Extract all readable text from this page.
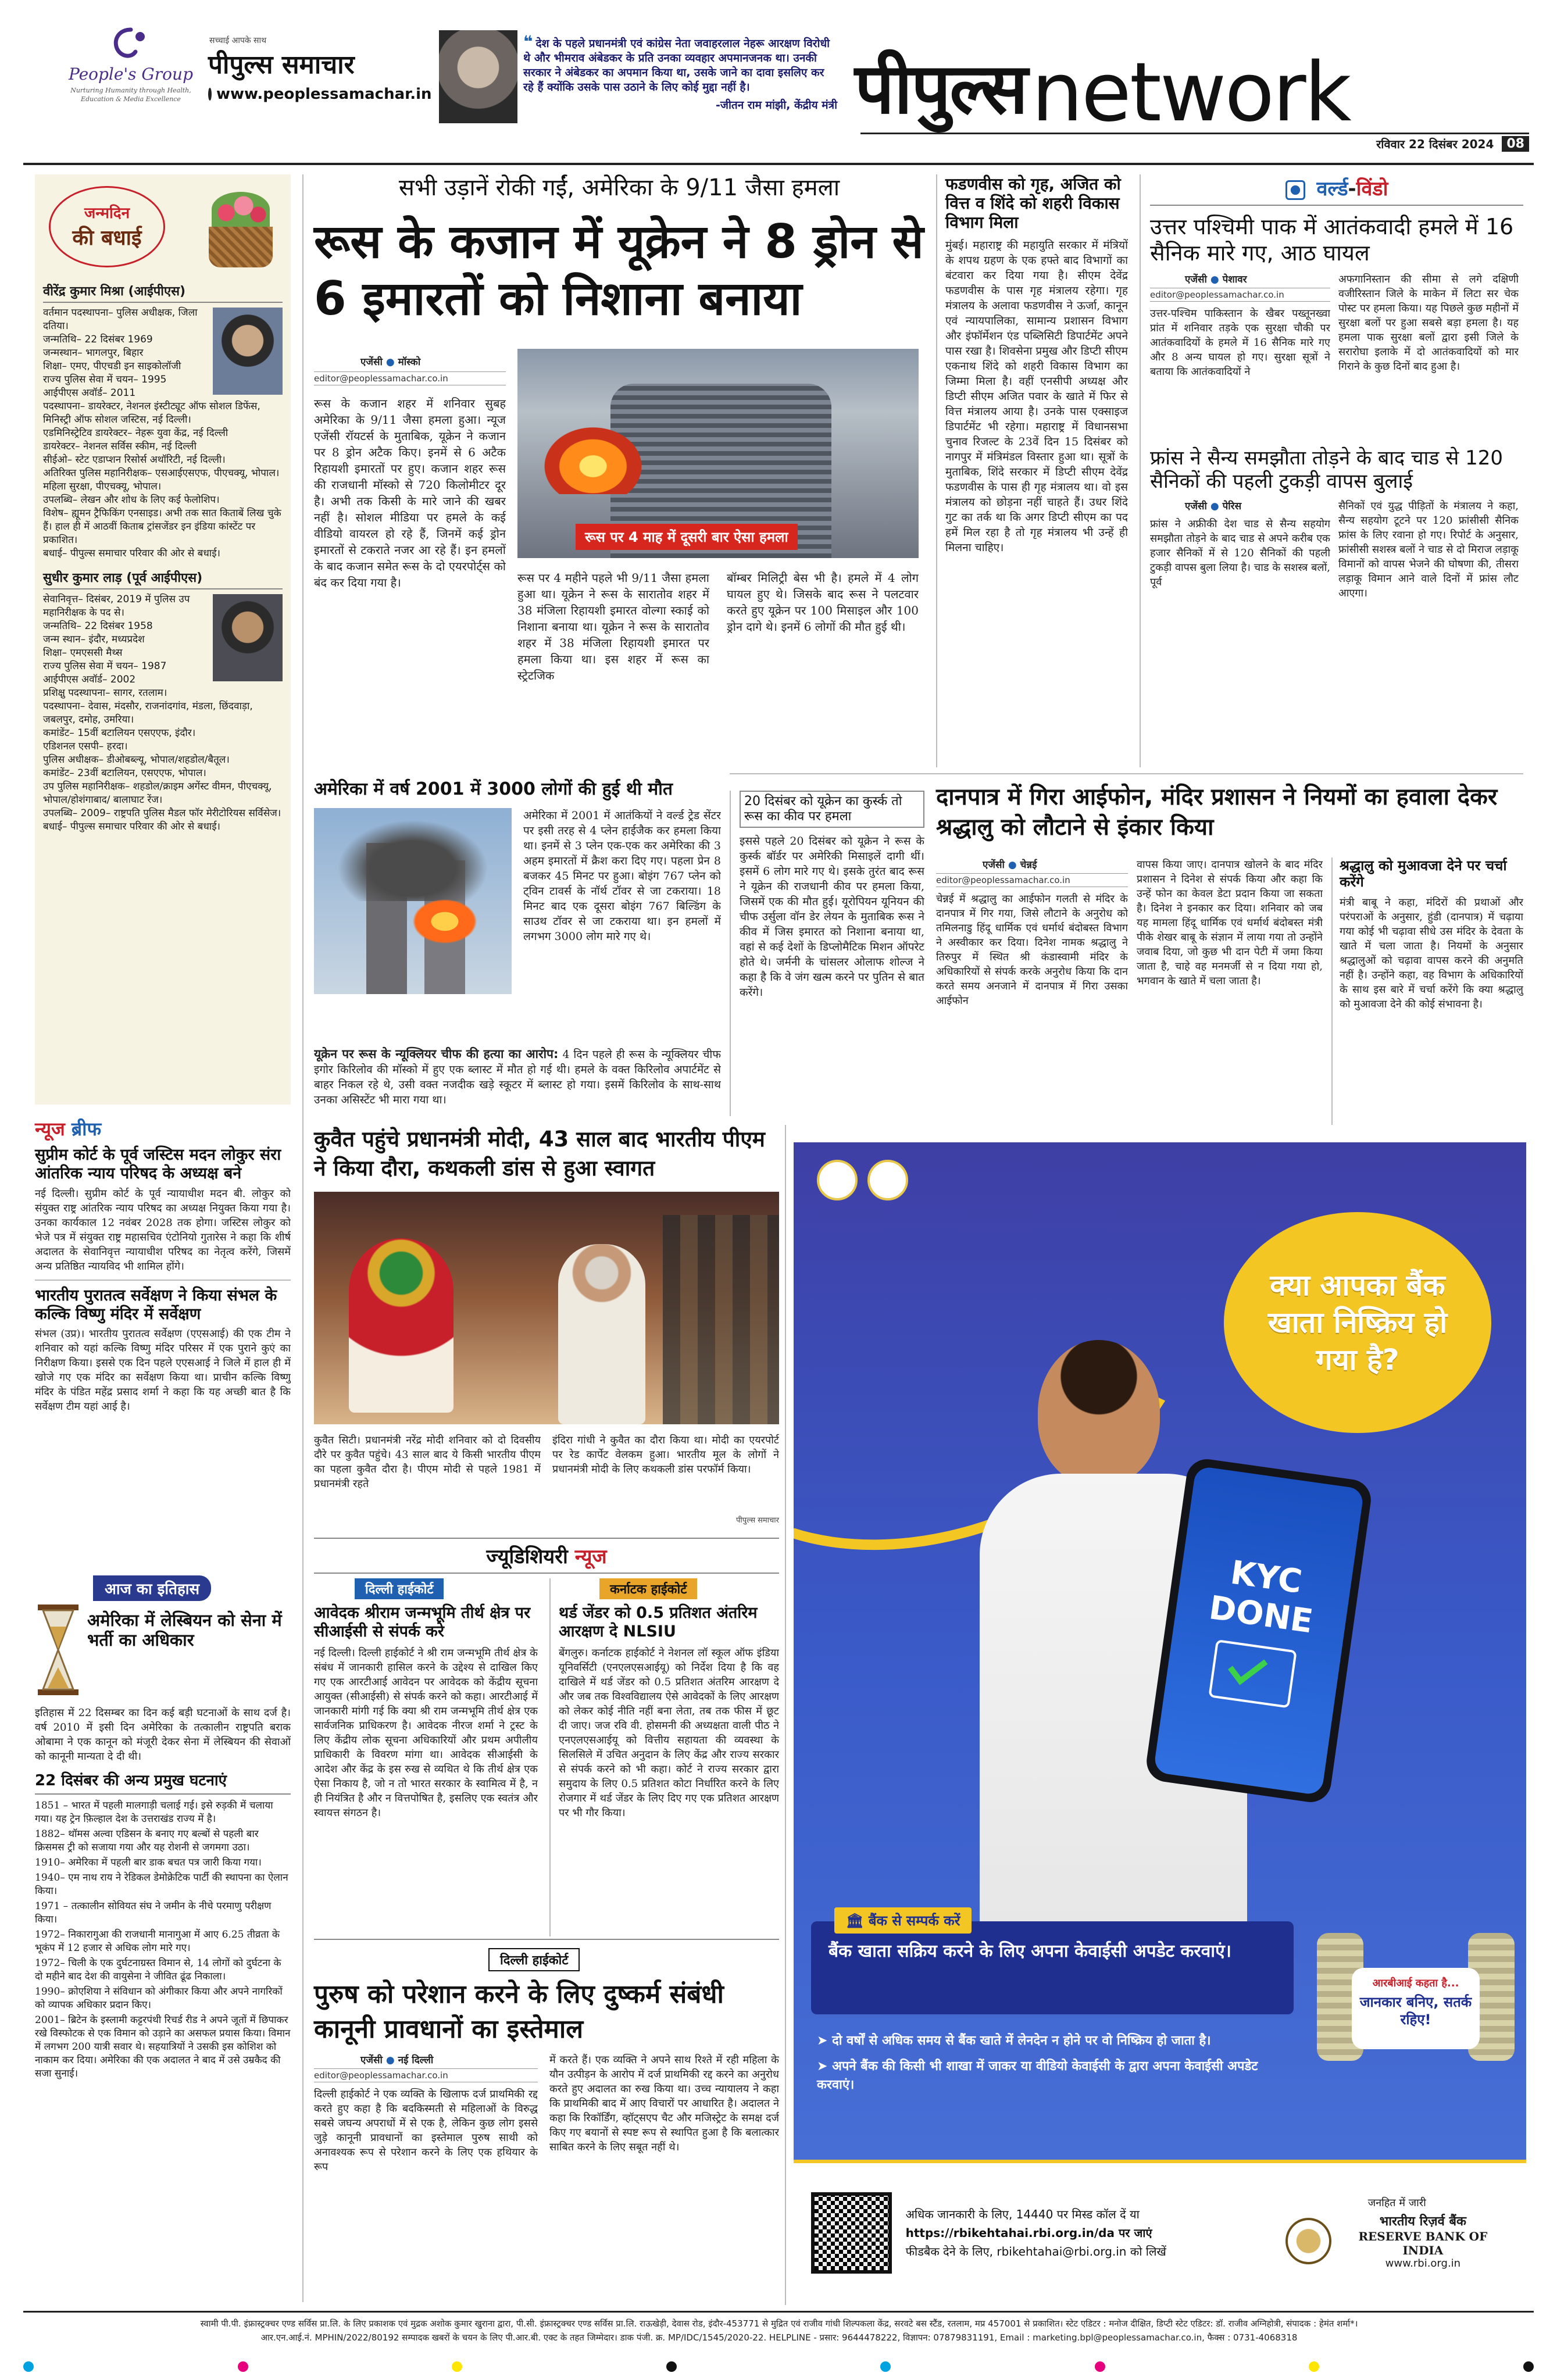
People's Group
Nurturing Humanity through Health, Education & Media Excellence
सच्चाई आपके साथ
पीपुल्स समाचार
www.peoplessamachar.in
❝ देश के पहले प्रधानमंत्री एवं कांग्रेस नेता जवाहरलाल नेहरू आरक्षण विरोधी थे और भीमराव अंबेडकर के प्रति उनका व्यवहार अपमानजनक था। उनकी सरकार ने अंबेडकर का अपमान किया था, उसके जाने का दावा इसलिए कर रहे हैं क्योंकि उसके पास उठाने के लिए कोई मुद्दा नहीं है।
-जीतन राम मांझी, केंद्रीय मंत्री पीपुल्स network
रविवार 22 दिसंबर 2024	08
जन्मदिन
की बधाई
वीरेंद्र कुमार मिश्रा (आईपीएस)
वर्तमान पदस्थापना– पुलिस अधीक्षक, जिला दतिया।
जन्मतिथि– 22 दिसंबर 1969
जन्मस्थान– भागलपुर, बिहार
शिक्षा– एमए, पीएचडी इन साइकोलॉजी
राज्य पुलिस सेवा में चयन– 1995
आईपीएस अवॉर्ड– 2011
पदस्थापना– डायरेक्टर, नेशनल इंस्टीट्यूट ऑफ सोशल डिफेंस, मिनिस्ट्री ऑफ सोशल जस्टिस, नई दिल्ली।
एडमिनिस्ट्रेटिव डायरेक्टर– नेहरू युवा केंद्र, नई दिल्ली
डायरेक्टर– नेशनल सर्विस स्कीम, नई दिल्ली
सीईओ– स्टेट एडाप्शन रिसोर्स अथॉरिटी, नई दिल्ली।
अतिरिक्त पुलिस महानिरीक्षक– एसआईएसएफ, पीएचक्यू, भोपाल। महिला सुरक्षा, पीएचक्यू, भोपाल।
उपलब्धि– लेखन और शोध के लिए कई फेलोशिप।
विशेष– ह्यूमन ट्रैफिकिंग एनसाइड। अभी तक सात किताबें लिख चुके हैं। हाल ही में आठवीं किताब ट्रांसजेंडर इन इंडिया कांस्टेंट पर प्रकाशित।
बधाई– पीपुल्स समाचार परिवार की ओर से बधाई।
सुधीर कुमार लाड़ (पूर्व आईपीएस)
सेवानिवृत्त– दिसंबर, 2019 में पुलिस उप महानिरीक्षक के पद से।
जन्मतिथि– 22 दिसंबर 1958
जन्म स्थान– इंदौर, मध्यप्रदेश
शिक्षा– एमएससी मैथ्स
राज्य पुलिस सेवा में चयन– 1987
आईपीएस अवॉर्ड– 2002
प्रशिक्षु पदस्थापना– सागर, रतलाम।
पदस्थापना– देवास, मंदसौर, राजनांदगांव, मंडला, छिंदवाड़ा, जबलपुर, दमोह, उमरिया।
कमांडेंट– 15वीं बटालियन एसएएफ, इंदौर।
एडिशनल एसपी– हरदा।
पुलिस अधीक्षक– डीओबब्ल्यू, भोपाल/शहडोल/बैतूल।
कमांडेंट– 23वीं बटालियन, एसएएफ, भोपाल।
उप पुलिस महानिरीक्षक– शहडोल/क्राइम अगेंस्ट वीमन, पीएचक्यू, भोपाल/होशंगाबाद/ बालाघाट रेंज।
उपलब्धि– 2009– राष्ट्रपति पुलिस मैडल फॉर मेरीटोरियस सर्विसेज।
बधाई– पीपुल्स समाचार परिवार की ओर से बधाई।
न्यूज ब्रीफ
सुप्रीम कोर्ट के पूर्व जस्टिस मदन लोकुर संरा आंतरिक न्याय परिषद के अध्यक्ष बने
नई दिल्ली। सुप्रीम कोर्ट के पूर्व न्यायाधीश मदन बी. लोकुर को संयुक्त राष्ट्र आंतरिक न्याय परिषद का अध्यक्ष नियुक्त किया गया है। उनका कार्यकाल 12 नवंबर 2028 तक होगा। जस्टिस लोकुर को भेजे पत्र में संयुक्त राष्ट्र महासचिव एंटोनियो गुतारेस ने कहा कि शीर्ष अदालत के सेवानिवृत्त न्यायाधीश परिषद का नेतृत्व करेंगे, जिसमें अन्य प्रतिष्ठित न्यायविद भी शामिल होंगे।
भारतीय पुरातत्व सर्वेक्षण ने किया संभल के कल्कि विष्णु मंदिर में सर्वेक्षण
संभल (उप्र)। भारतीय पुरातत्व सर्वेक्षण (एएसआई) की एक टीम ने शनिवार को यहां कल्कि विष्णु मंदिर परिसर में एक पुराने कुएं का निरीक्षण किया। इससे एक दिन पहले एएसआई ने जिले में हाल ही में खोजे गए एक मंदिर का सर्वेक्षण किया था। प्राचीन कल्कि विष्णु मंदिर के पंडित महेंद्र प्रसाद शर्मा ने कहा कि यह अच्छी बात है कि सर्वेक्षण टीम यहां आई है।
आज का इतिहास
अमेरिका में लेस्बियन को सेना में भर्ती का अधिकार
इतिहास में 22 दिसम्बर का दिन कई बड़ी घटनाओं के साथ दर्ज है। वर्ष 2010 में इसी दिन अमेरिका के तत्कालीन राष्ट्रपति बराक ओबामा ने एक कानून को मंजूरी देकर सेना में लेस्बियन की सेवाओं को कानूनी मान्यता दे दी थी।
22 दिसंबर की अन्य प्रमुख घटनाएं
1851 – भारत में पहली मालगाड़ी चलाई गई। इसे रुड़की में चलाया गया। यह ट्रेन फ़िल्हाल देश के उत्तराखंड राज्य में है।
1882– थॉमस अल्वा एडिसन के बनाए गए बल्बों से पहली बार क्रिसमस ट्री को सजाया गया और यह रोशनी से जगमगा उठा।
1910– अमेरिका में पहली बार डाक बचत पत्र जारी किया गया।
1940– एम नाथ राय ने रेडिकल डेमोक्रेटिक पार्टी की स्थापना का ऐलान किया।
1971 – तत्कालीन सोवियत संघ ने जमीन के नीचे परमाणु परीक्षण किया।
1972– निकारागुआ की राजधानी मानागुआ में आए 6.25 तीव्रता के भूकंप में 12 हजार से अधिक लोग मारे गए।
1972– चिली के एक दुर्घटनाग्रस्त विमान से, 14 लोगों को दुर्घटना के दो महीने बाद देश की वायुसेना ने जीवित ढूंढ निकाला।
1990– क्रोएशिया ने संविधान को अंगीकार किया और अपने नागरिकों को व्यापक अधिकार प्रदान किए।
2001– ब्रिटेन के इस्लामी कट्टरपंथी रिचर्ड रीड ने अपने जूतों में छिपाकर रखे विस्फोटक से एक विमान को उड़ाने का असफल प्रयास किया। विमान में लगभग 200 यात्री सवार थे। सहयात्रियों ने उसकी इस कोशिश को नाकाम कर दिया। अमेरिका की एक अदालत ने बाद में उसे उम्रकैद की सजा सुनाई।
सभी उड़ानें रोकी गईं, अमेरिका के 9/11 जैसा हमला
रूस के कजान में यूक्रेन ने 8 ड्रोन से 6 इमारतों को निशाना बनाया
एजेंसी ● मॉस्को
editor@peoplessamachar.co.in
रूस के कजान शहर में शनिवार सुबह अमेरिका के 9/11 जैसा हमला हुआ। न्यूज एजेंसी रॉयटर्स के मुताबिक, यूक्रेन ने कजान पर 8 ड्रोन अटैक किए। इनमें से 6 अटैक रिहायशी इमारतों पर हुए। कजान शहर रूस की राजधानी मॉस्को से 720 किलोमीटर दूर है। अभी तक किसी के मारे जाने की खबर नहीं है। सोशल मीडिया पर हमले के कई वीडियो वायरल हो रहे हैं, जिनमें कई ड्रोन इमारतों से टकराते नजर आ रहे हैं। इन हमलों के बाद कजान समेत रूस के दो एयरपोर्ट्स को बंद कर दिया गया है।
रूस पर 4 माह में दूसरी बार ऐसा हमला
रूस पर 4 महीने पहले भी 9/11 जैसा हमला हुआ था। यूक्रेन ने रूस के सारातोव शहर में 38 मंजिला रिहायशी इमारत वोल्गा स्काई को निशाना बनाया था। यूक्रेन ने रूस के सारातोव शहर में 38 मंजिला रिहायशी इमारत पर हमला किया था। इस शहर में रूस का स्ट्रेटजिक
बॉम्बर मिलिट्री बेस भी है। हमले में 4 लोग घायल हुए थे। जिसके बाद रूस ने पलटवार करते हुए यूक्रेन पर 100 मिसाइल और 100 ड्रोन दागे थे। इनमें 6 लोगों की मौत हुई थी।
अमेरिका में वर्ष 2001 में 3000 लोगों की हुई थी मौत
अमेरिका में 2001 में आतंकियों ने वर्ल्ड ट्रेड सेंटर पर इसी तरह से 4 प्लेन हाईजैक कर हमला किया था। इनमें से 3 प्लेन एक-एक कर अमेरिका की 3 अहम इमारतों में क्रैश करा दिए गए। पहला प्रेन 8 बजकर 45 मिनट पर हुआ। बोइंग 767 प्लेन को ट्विन टावर्स के नॉर्थ टॉवर से जा टकराया। 18 मिनट बाद एक दूसरा बोइंग 767 बिल्डिंग के साउथ टॉवर से जा टकराया था। इन हमलों में लगभग 3000 लोग मारे गए थे।
यूक्रेन पर रूस के न्यूक्लियर चीफ की हत्या का आरोप: 4 दिन पहले ही रूस के न्यूक्लियर चीफ इगोर किरिलोव की मॉस्को में हुए एक ब्लास्ट में मौत हो गई थी। हमले के वक्त किरिलोव अपार्टमेंट से बाहर निकल रहे थे, उसी वक्त नजदीक खड़े स्कूटर में ब्लास्ट हो गया। इसमें किरिलोव के साथ-साथ उनका असिस्टेंट भी मारा गया था।
20 दिसंबर को यूक्रेन का कुर्स्क तो रूस का कीव पर हमला
इससे पहले 20 दिसंबर को यूक्रेन ने रूस के कुर्स्क बॉर्डर पर अमेरिकी मिसाइलें दागी थीं। इसमें 6 लोग मारे गए थे। इसके तुरंत बाद रूस ने यूक्रेन की राजधानी कीव पर हमला किया, जिसमें एक की मौत हुई। यूरोपियन यूनियन की चीफ उर्सुला वॉन डेर लेयन के मुताबिक रूस ने कीव में जिस इमारत को निशाना बनाया था, वहां से कई देशों के डिप्लोमैटिक मिशन ऑपरेट होते थे। जर्मनी के चांसलर ओलाफ शोल्ज ने कहा है कि वे जंग खत्म करने पर पुतिन से बात करेंगे।
फडणवीस को गृह, अजित को वित्त व शिंदे को शहरी विकास विभाग मिला
मुंबई। महाराष्ट्र की महायुति सरकार में मंत्रियों के शपथ ग्रहण के एक हफ्ते बाद विभागों का बंटवारा कर दिया गया है। सीएम देवेंद्र फडणवीस के पास गृह मंत्रालय रहेगा। गृह मंत्रालय के अलावा फडणवीस ने ऊर्जा, कानून एवं न्यायपालिका, सामान्य प्रशासन विभाग और इंफॉर्मेशन एंड पब्लिसिटी डिपार्टमेंट अपने पास रखा है। शिवसेना प्रमुख और डिप्टी सीएम एकनाथ शिंदे को शहरी विकास विभाग का जिम्मा मिला है। वहीं एनसीपी अध्यक्ष और डिप्टी सीएम अजित पवार के खाते में फिर से वित्त मंत्रालय आया है। उनके पास एक्साइज डिपार्टमेंट भी रहेगा। महाराष्ट्र में विधानसभा चुनाव रिजल्ट के 23वें दिन 15 दिसंबर को नागपुर में मंत्रिमंडल विस्तार हुआ था। सूत्रों के मुताबिक, शिंदे सरकार में डिप्टी सीएम देवेंद्र फडणवीस के पास ही गृह मंत्रालय था। वो इस मंत्रालय को छोड़ना नहीं चाहते हैं। उधर शिंदे गुट का तर्क था कि अगर डिप्टी सीएम का पद हमें मिल रहा है तो गृह मंत्रालय भी उन्हें ही मिलना चाहिए।
वर्ल्ड-विंडो
उत्तर पश्चिमी पाक में आतंकवादी हमले में 16 सैनिक मारे गए, आठ घायल
एजेंसी ● पेशावर
editor@peoplessamachar.co.in
उत्तर-पश्चिम पाकिस्तान के खैबर पख्तूनख्वा प्रांत में शनिवार तड़के एक सुरक्षा चौकी पर आतंकवादियों के हमले में 16 सैनिक मारे गए और 8 अन्य घायल हो गए। सुरक्षा सूत्रों ने बताया कि आतंकवादियों ने
अफगानिस्तान की सीमा से लगे दक्षिणी वजीरिस्तान जिले के माकेन में लिटा सर चेक पोस्ट पर हमला किया। यह पिछले कुछ महीनों में सुरक्षा बलों पर हुआ सबसे बड़ा हमला है। यह हमला पाक सुरक्षा बलों द्वारा इसी जिले के सरारोघा इलाके में दो आतंकवादियों को मार गिराने के कुछ दिनों बाद हुआ है।
फ्रांस ने सैन्य समझौता तोड़ने के बाद चाड से 120 सैनिकों की पहली टुकड़ी वापस बुलाई
एजेंसी ● पेरिस
फ्रांस ने अफ्रीकी देश चाड से सैन्य सहयोग समझौता तोड़ने के बाद चाड से अपने करीब एक हजार सैनिकों में से 120 सैनिकों की पहली टुकड़ी वापस बुला लिया है। चाड के सशस्त्र बलों, पूर्व
सैनिकों एवं युद्ध पीड़ितों के मंत्रालय ने कहा, सैन्य सहयोग टूटने पर 120 फ्रांसीसी सैनिक फ्रांस के लिए रवाना हो गए। रिपोर्ट के अनुसार, फ्रांसीसी सशस्त्र बलों ने चाड से दो मिराज लड़ाकू विमानों को वापस भेजने की घोषणा की, तीसरा लड़ाकू विमान आने वाले दिनों में फ्रांस लौट आएगा।
दानपात्र में गिरा आईफोन, मंदिर प्रशासन ने नियमों का हवाला देकर श्रद्धालु को लौटाने से इंकार किया
एजेंसी ● चेन्नई
editor@peoplessamachar.co.in
चेन्नई में श्रद्धालु का आईफोन गलती से मंदिर के दानपात्र में गिर गया, जिसे लौटाने के अनुरोध को तमिलनाडु हिंदू धार्मिक एवं धर्मार्थ बंदोबस्त विभाग ने अस्वीकार कर दिया। दिनेश नामक श्रद्धालु ने तिरुपुर में स्थित श्री कंडास्वामी मंदिर के अधिकारियों से संपर्क करके अनुरोध किया कि दान करते समय अनजाने में दानपात्र में गिरा उसका आईफोन
वापस किया जाए। दानपात्र खोलने के बाद मंदिर प्रशासन ने दिनेश से संपर्क किया और कहा कि उन्हें फोन का केवल डेटा प्रदान किया जा सकता है। दिनेश ने इनकार कर दिया। शनिवार को जब यह मामला हिंदू धार्मिक एवं धर्मार्थ बंदोबस्त मंत्री पीके शेखर बाबू के संज्ञान में लाया गया तो उन्होंने जवाब दिया, जो कुछ भी दान पेटी में जमा किया जाता है, चाहे वह मनमर्जी से न दिया गया हो, भगवान के खाते में चला जाता है।
श्रद्धालु को मुआवजा देने पर चर्चा करेंगे
मंत्री बाबू ने कहा, मंदिरों की प्रथाओं और परंपराओं के अनुसार, हुंडी (दानपात्र) में चढ़ाया गया कोई भी चढ़ावा सीधे उस मंदिर के देवता के खाते में चला जाता है। नियमों के अनुसार श्रद्धालुओं को चढ़ावा वापस करने की अनुमति नहीं है। उन्होंने कहा, वह विभाग के अधिकारियों के साथ इस बारे में चर्चा करेंगे कि क्या श्रद्धालु को मुआवजा देने की कोई संभावना है।
कुवैत पहुंचे प्रधानमंत्री मोदी, 43 साल बाद भारतीय पीएम ने किया दौरा, कथकली डांस से हुआ स्वागत
कुवैत सिटी। प्रधानमंत्री नरेंद्र मोदी शनिवार को दो दिवसीय दौरे पर कुवैत पहुंचे। 43 साल बाद ये किसी भारतीय पीएम का पहला कुवैत दौरा है। पीएम मोदी से पहले 1981 में प्रधानमंत्री रहते
इंदिरा गांधी ने कुवैत का दौरा किया था। मोदी का एयरपोर्ट पर रेड कार्पेट वेलकम हुआ। भारतीय मूल के लोगों ने प्रधानमंत्री मोदी के लिए कथकली डांस परफॉर्म किया।
पीपुल्स समाचार
ज्यूडिशियरी न्यूज
दिल्ली हाईकोर्ट
आवेदक श्रीराम जन्मभूमि तीर्थ क्षेत्र पर सीआईसी से संपर्क करे
नई दिल्ली। दिल्ली हाईकोर्ट ने श्री राम जन्मभूमि तीर्थ क्षेत्र के संबंध में जानकारी हासिल करने के उद्देश्य से दाखिल किए गए एक आरटीआई आवेदन पर आवेदक को केंद्रीय सूचना आयुक्त (सीआईसी) से संपर्क करने को कहा। आरटीआई में जानकारी मांगी गई कि क्या श्री राम जन्मभूमि तीर्थ क्षेत्र एक सार्वजनिक प्राधिकरण है। आवेदक नीरज शर्मा ने ट्रस्ट के लिए केंद्रीय लोक सूचना अधिकारियों और प्रथम अपीलीय प्राधिकारी के विवरण मांगा था। आवेदक सीआईसी के आदेश और केंद्र के इस रुख से व्यथित थे कि तीर्थ क्षेत्र एक ऐसा निकाय है, जो न तो भारत सरकार के स्वामित्व में है, न ही नियंत्रित है और न वित्तपोषित है, इसलिए एक स्वतंत्र और स्वायत्त संगठन है।
कर्नाटक हाईकोर्ट
थर्ड जेंडर को 0.5 प्रतिशत अंतरिम आरक्षण दे NLSIU
बेंगलुरु। कर्नाटक हाईकोर्ट ने नेशनल लॉ स्कूल ऑफ इंडिया यूनिवर्सिटी (एनएलएसआईयू) को निर्देश दिया है कि वह दाखिले में थर्ड जेंडर को 0.5 प्रतिशत अंतरिम आरक्षण दे और जब तक विश्वविद्यालय ऐसे आवेदकों के लिए आरक्षण को लेकर कोई नीति नहीं बना लेता, तब तक फीस में छूट दी जाए। जज रवि वी. होसमनी की अध्यक्षता वाली पीठ ने एनएलएसआईयू को वित्तीय सहायता की व्यवस्था के सिलसिले में उचित अनुदान के लिए केंद्र और राज्य सरकार से संपर्क करने को भी कहा। कोर्ट ने राज्य सरकार द्वारा समुदाय के लिए 0.5 प्रतिशत कोटा निर्धारित करने के लिए रोजगार में थर्ड जेंडर के लिए दिए गए एक प्रतिशत आरक्षण पर भी गौर किया।
दिल्ली हाईकोर्ट
पुरुष को परेशान करने के लिए दुष्कर्म संबंधी कानूनी प्रावधानों का इस्तेमाल
एजेंसी ● नई दिल्ली
editor@peoplessamachar.co.in
दिल्ली हाईकोर्ट ने एक व्यक्ति के खिलाफ दर्ज प्राथमिकी रद्द करते हुए कहा है कि बदकिस्मती से महिलाओं के विरुद्ध सबसे जघन्य अपराधों में से एक है, लेकिन कुछ लोग इससे जुड़े कानूनी प्रावधानों का इस्तेमाल पुरुष साथी को अनावश्यक रूप से परेशान करने के लिए एक हथियार के रूप
में करते हैं। एक व्यक्ति ने अपने साथ रिश्ते में रही महिला के यौन उत्पीड़न के आरोप में दर्ज प्राथमिकी रद्द करने का अनुरोध करते हुए अदालत का रुख किया था। उच्च न्यायालय ने कहा कि प्राथमिकी बाद में आए विचारों पर आधारित है। अदालत ने कहा कि रिकॉर्डिंग, व्हॉट्सएप चैट और मजिस्ट्रेट के समक्ष दर्ज किए गए बयानों से स्पष्ट रूप से स्थापित हुआ है कि बलात्कार साबित करने के लिए सबूत नहीं थे।

क्या आपका बैंक खाता निष्क्रिय हो गया है?
KYC
DONE
🏛 बैंक से सम्पर्क करें
बैंक खाता सक्रिय करने के लिए अपना केवाईसी अपडेट करवाएं।
➤ दो वर्षों से अधिक समय से बैंक खाते में लेनदेन न होने पर वो निष्क्रिय हो जाता है।
➤ अपने बैंक की किसी भी शाखा में जाकर या वीडियो केवाईसी के द्वारा अपना केवाईसी अपडेट करवाएं।
आरबीआई कहता है...
जानकार बनिए, सतर्क रहिए!
अधिक जानकारी के लिए, 14440 पर मिस्ड कॉल दें या
https://rbikehtahai.rbi.org.in/da पर जाएं
फीडबैक देने के लिए, rbikehtahai@rbi.org.in को लिखें
जनहित में जारी
भारतीय रिज़र्व बैंक
RESERVE BANK OF INDIA
www.rbi.org.in
स्वामी पी.पी. इंफ्रास्ट्रक्चर एण्ड सर्विस प्रा.लि. के लिए प्रकाशक एवं मुद्रक अशोक कुमार खुराना द्वारा, पी.सी. इंफ्रास्ट्रक्चर एण्ड सर्विस प्रा.लि. राऊखेड़ी, देवास रोड, इंदौर-453771 से मुद्रित एवं राजीव गांधी शिल्पकला केंद्र, सरवटे बस स्टैंड, रतलाम, मप्र 457001 से प्रकाशित। स्टेट एडिटर : मनोज दीक्षित, डिप्टी स्टेट एडिटर: डॉ. राजीव अग्निहोत्री, संपादक : हेमंत शर्मा*।
आर.एन.आई.नं. MPHIN/2022/80192 सम्पादक खबरों के चयन के लिए पी.आर.बी. एक्ट के तहत जिम्मेदार। डाक पंजी. क्र. MP/IDC/1545/2020-22. HELPLINE - प्रसार: 9644478222, विज्ञापन: 07879831191, Email : marketing.bpl@peoplessamachar.co.in, फैक्स : 0731-4068318
